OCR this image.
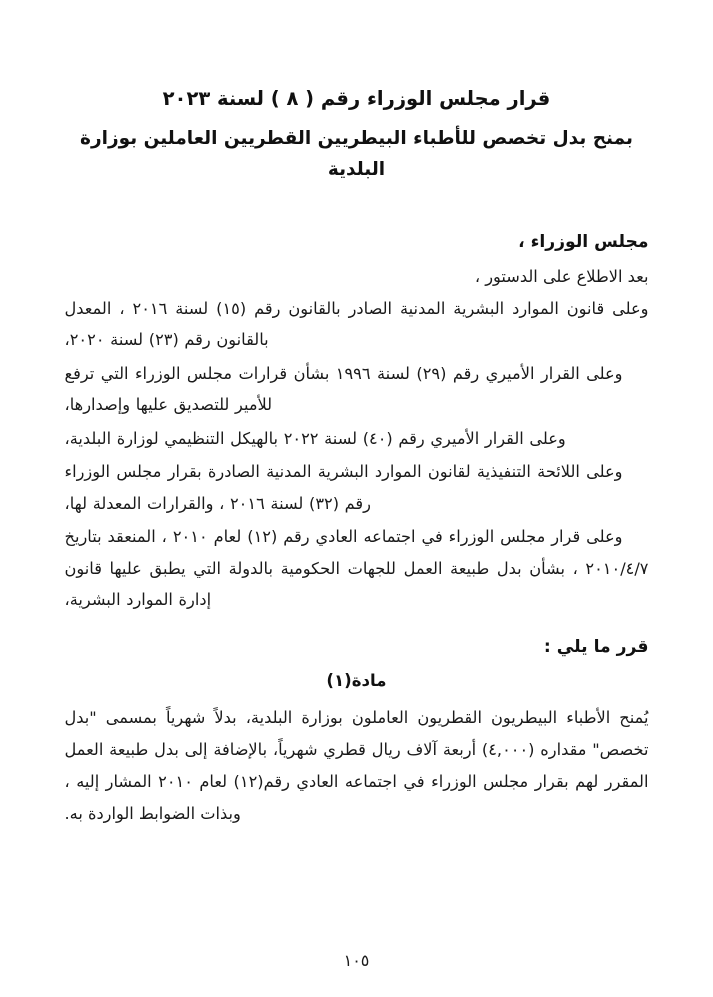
قرار مجلس الوزراء رقم ( ٨ ) لسنة ٢٠٢٣
بمنح بدل تخصص للأطباء البيطريين القطريين العاملين بوزارة البلدية
مجلس الوزراء ،

بعد الاطلاع على الدستور ،

وعلى قانون الموارد البشرية المدنية الصادر بالقانون رقم (١٥) لسنة ٢٠١٦ ، المعدل بالقانون رقم (٢٣) لسنة ٢٠٢٠،

وعلى القرار الأميري رقم (٢٩) لسنة ١٩٩٦ بشأن قرارات مجلس الوزراء التي ترفع للأمير للتصديق عليها وإصدارها،

وعلى القرار الأميري رقم (٤٠) لسنة ٢٠٢٢ بالهيكل التنظيمي لوزارة البلدية،

وعلى اللائحة التنفيذية لقانون الموارد البشرية المدنية الصادرة بقرار مجلس الوزراء رقم (٣٢) لسنة ٢٠١٦ ، والقرارات المعدلة لها،

وعلى قرار مجلس الوزراء في اجتماعه العادي رقم (١٢) لعام ٢٠١٠ ، المنعقد بتاريخ ٢٠١٠/٤/٧ ، بشأن بدل طبيعة العمل للجهات الحكومية بالدولة التي يطبق عليها قانون إدارة الموارد البشرية،

قرر ما يلي :
مادة(١)

يُمنح الأطباء البيطريون القطريون العاملون بوزارة البلدية، بدلاً شهرياً بمسمى "بدل تخصص" مقداره (٤,٠٠٠) أربعة آلاف ريال قطري شهرياً، بالإضافة إلى بدل طبيعة العمل المقرر لهم بقرار مجلس الوزراء في اجتماعه العادي رقم(١٢) لعام ٢٠١٠ المشار إليه ، وبذات الضوابط الواردة به.

١٠٥
